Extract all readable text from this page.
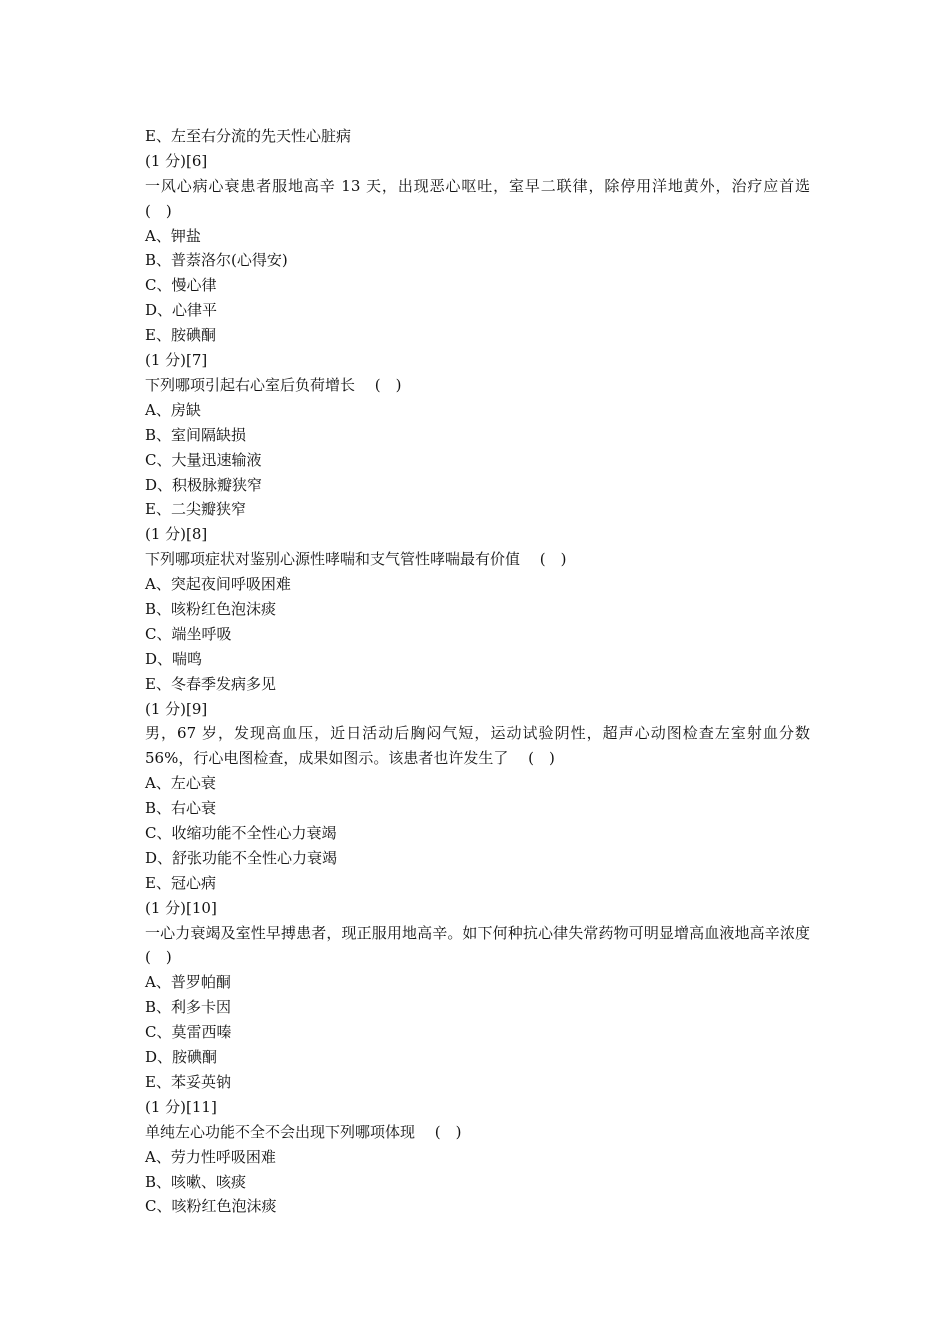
E、左至右分流的先天性心脏病
(1 分)[6]
一风心病心衰患者服地高辛 13 天，出现恶心呕吐，室早二联律，除停用洋地黄外，治疗应首选　 (　)
A、钾盐
B、普萘洛尔(心得安)
C、慢心律
D、心律平
E、胺碘酮
(1 分)[7]
下列哪项引起右心室后负荷增长　 (　)
A、房缺
B、室间隔缺损
C、大量迅速输液
D、积极脉瓣狭窄
E、二尖瓣狭窄
(1 分)[8]
下列哪项症状对鉴别心源性哮喘和支气管性哮喘最有价值　 (　)
A、突起夜间呼吸困难
B、咳粉红色泡沫痰
C、端坐呼吸
D、喘鸣
E、冬春季发病多见
(1 分)[9]
男，67 岁，发现高血压，近日活动后胸闷气短，运动试验阴性，超声心动图检查左室射血分数 56%，行心电图检查，成果如图示。该患者也许发生了　 (　)
A、左心衰
B、右心衰
C、收缩功能不全性心力衰竭
D、舒张功能不全性心力衰竭
E、冠心病
(1 分)[10]
一心力衰竭及室性早搏患者，现正服用地高辛。如下何种抗心律失常药物可明显增高血液地高辛浓度　 (　)
A、普罗帕酮
B、利多卡因
C、莫雷西嗪
D、胺碘酮
E、苯妥英钠
(1 分)[11]
单纯左心功能不全不会出现下列哪项体现　 (　)
A、劳力性呼吸困难
B、咳嗽、咳痰
C、咳粉红色泡沫痰
